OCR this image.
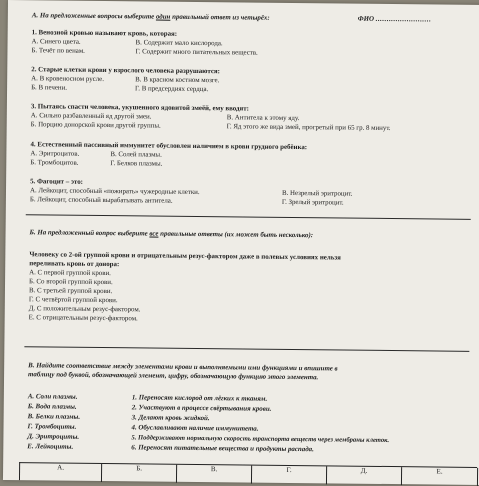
А. На предложенные вопросы выберите один правильный ответ из четырёх:	ФИО .........................
1. Венозной кровью называют кровь, которая:
А. Синего цвета.	В. Содержит мало кислорода.
Б. Течёт по венам.	Г. Содержит много питательных веществ.
2. Старые клетки крови у взрослого человека разрушаются:
А. В кровеносном русле.	В. В красном костном мозге.
Б. В печени.	Г. В предсердиях сердца.
3. Пытаясь спасти человека, укушенного ядовитой змеёй, ему вводят:
А. Сильно разбавленный яд другой змеи.	В. Антитела к этому яду.
Б. Порцию донорской крови другой группы.	Г. Яд этого же вида змей, прогретый при 65 гр. 8 минут.
4. Естественный пассивный иммунитет обусловлен наличием в крови грудного ребёнка:
А. Эритроцитов.	В. Солей плазмы.
Б. Тромбоцитов.	Г. Белков плазмы.
5. Фагоцит – это:
А. Лейкоцит, способный «пожирать» чужеродные клетки.	В. Незрелый эритроцит.
Б. Лейкоцит, способный вырабатывать антитела.	Г. Зрелый эритроцит.
Б. На предложенный вопрос выберите все правильные ответы (их может быть несколько):
Человеку со 2-ой группой крови и отрицательным резус-фактором даже в полевых условиях нельзя
переливать кровь от донора:
А. С первой группой крови.
Б. Со второй группой крови.
В. С третьей группой крови.
Г. С четвёртой группой крови.
Д. С положительным резус-фактором.
Е. С отрицательным резус-фактором.
В. Найдите соответствие между элементами крови и выполняемыми ими функциями и впишите в
таблицу под буквой, обозначающей элемент, цифру, обозначающую функцию этого элемента.
А. Соли плазмы.
Б. Вода плазмы.
В. Белки плазмы.
Г. Тромбоциты.
Д. Эритроциты.
Е. Лейкоциты.
1. Переносят кислород от лёгких к тканям.
2. Участвуют в процессе свёртывания крови.
3. Делают кровь жидкой.
4. Обуславливают наличие иммунитета.
5. Поддерживают нормальную скорость транспорта веществ через мембраны клеток.
6. Переносят питательные вещества и продукты распада.
А.	Б.	В.	Г.	Д.	Е.
